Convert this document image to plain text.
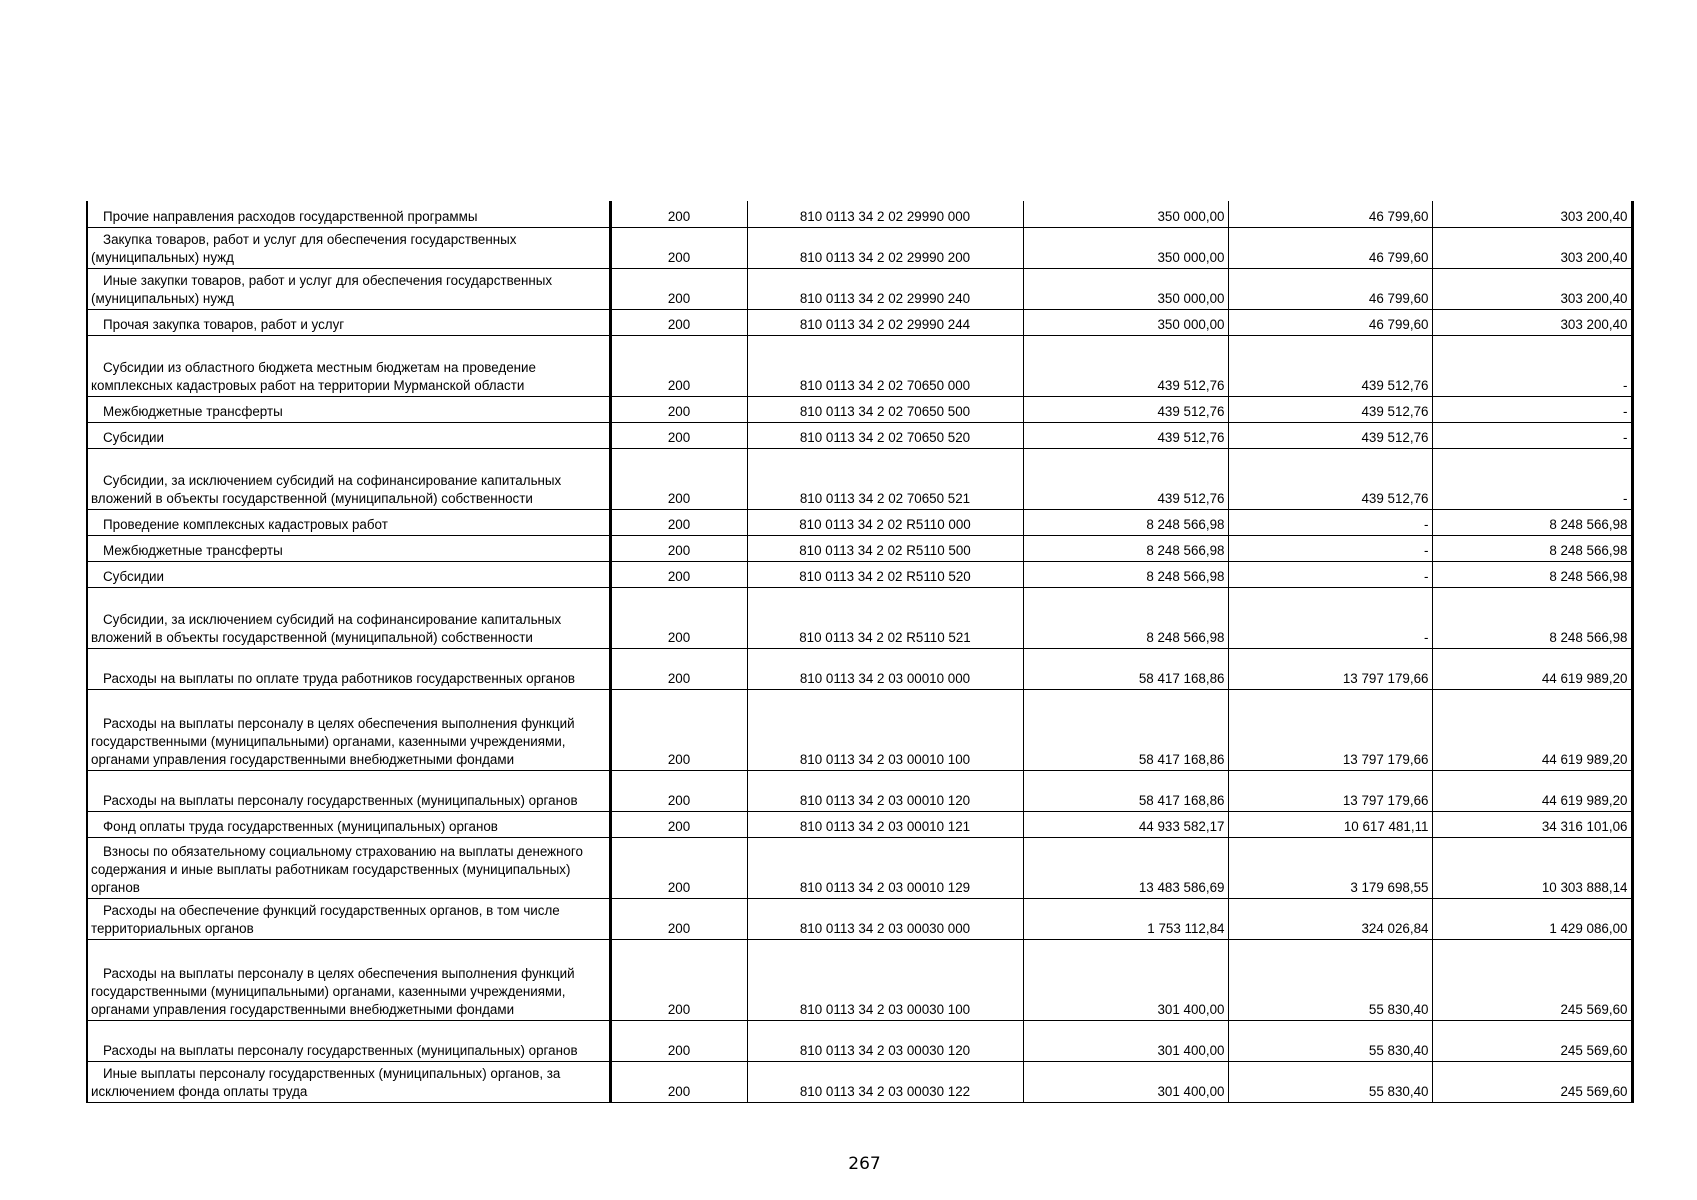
Прочие направления расходов государственной программы	200	810 0113 34 2 02 29990 000	350 000,00	46 799,60	303 200,40

Закупка товаров, работ и услуг для обеспечения государственных (муниципальных) нужд	200	810 0113 34 2 02 29990 200	350 000,00	46 799,60	303 200,40

Иные закупки товаров, работ и услуг для обеспечения государственных (муниципальных) нужд	200	810 0113 34 2 02 29990 240	350 000,00	46 799,60	303 200,40

Прочая закупка товаров, работ и услуг	200	810 0113 34 2 02 29990 244	350 000,00	46 799,60	303 200,40

Субсидии из областного бюджета местным бюджетам на проведение комплексных кадастровых работ на территории Мурманской области	200	810 0113 34 2 02 70650 000	439 512,76	439 512,76	-

Межбюджетные трансферты	200	810 0113 34 2 02 70650 500	439 512,76	439 512,76	-

Субсидии	200	810 0113 34 2 02 70650 520	439 512,76	439 512,76	-

Субсидии, за исключением субсидий на софинансирование капитальных вложений в объекты государственной (муниципальной) собственности	200	810 0113 34 2 02 70650 521	439 512,76	439 512,76	-

Проведение комплексных кадастровых работ	200	810 0113 34 2 02 R5110 000	8 248 566,98	-	8 248 566,98

Межбюджетные трансферты	200	810 0113 34 2 02 R5110 500	8 248 566,98	-	8 248 566,98

Субсидии	200	810 0113 34 2 02 R5110 520	8 248 566,98	-	8 248 566,98

Субсидии, за исключением субсидий на софинансирование капитальных вложений в объекты государственной (муниципальной) собственности	200	810 0113 34 2 02 R5110 521	8 248 566,98	-	8 248 566,98

Расходы на выплаты по оплате труда работников государственных органов	200	810 0113 34 2 03 00010 000	58 417 168,86	13 797 179,66	44 619 989,20

Расходы на выплаты персоналу в целях обеспечения выполнения функций государственными (муниципальными) органами, казенными учреждениями, органами управления государственными внебюджетными фондами	200	810 0113 34 2 03 00010 100	58 417 168,86	13 797 179,66	44 619 989,20

Расходы на выплаты персоналу государственных (муниципальных) органов	200	810 0113 34 2 03 00010 120	58 417 168,86	13 797 179,66	44 619 989,20

Фонд оплаты труда государственных (муниципальных) органов	200	810 0113 34 2 03 00010 121	44 933 582,17	10 617 481,11	34 316 101,06

Взносы по обязательному социальному страхованию на выплаты денежного содержания и иные выплаты работникам государственных (муниципальных) органов	200	810 0113 34 2 03 00010 129	13 483 586,69	3 179 698,55	10 303 888,14

Расходы на обеспечение функций государственных органов, в том числе территориальных органов	200	810 0113 34 2 03 00030 000	1 753 112,84	324 026,84	1 429 086,00

Расходы на выплаты персоналу в целях обеспечения выполнения функций государственными (муниципальными) органами, казенными учреждениями, органами управления государственными внебюджетными фондами	200	810 0113 34 2 03 00030 100	301 400,00	55 830,40	245 569,60

Расходы на выплаты персоналу государственных (муниципальных) органов	200	810 0113 34 2 03 00030 120	301 400,00	55 830,40	245 569,60

Иные выплаты персоналу государственных (муниципальных) органов, за исключением фонда оплаты труда	200	810 0113 34 2 03 00030 122	301 400,00	55 830,40	245 569,60
267
